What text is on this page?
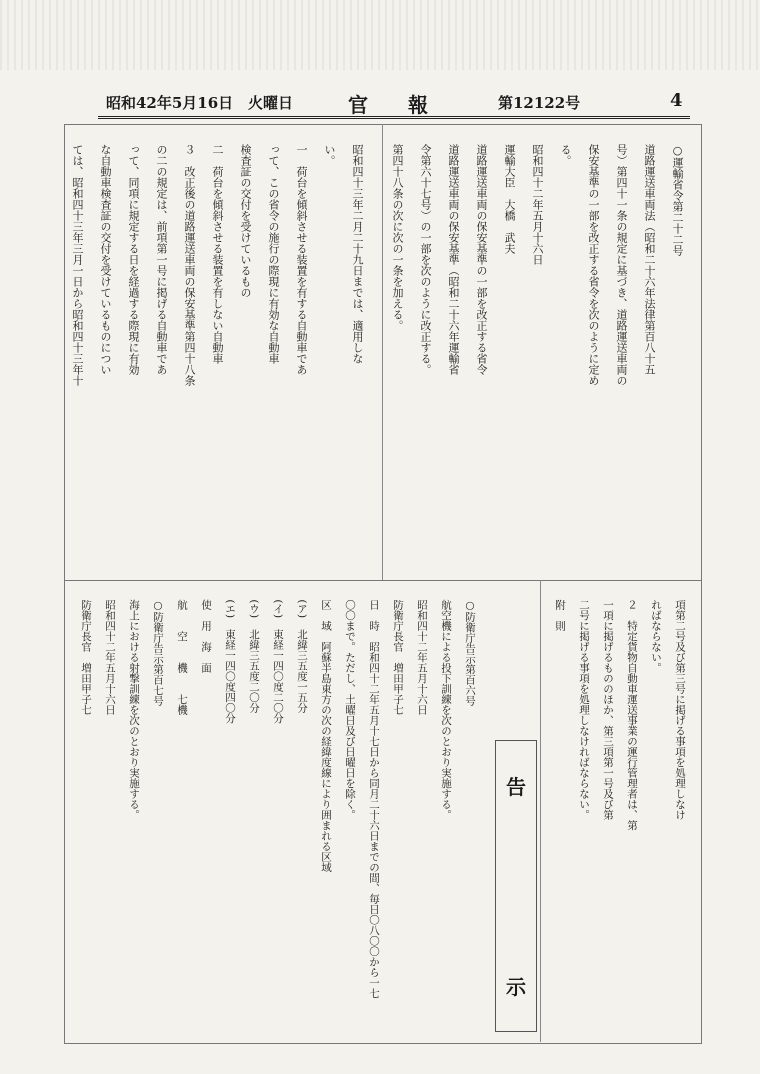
昭和42年5月16日 火曜日	官　　報	第12122号	4

○運輸省令第二十二号

道路運送車両法（昭和二十六年法律第百八十五

号）第四十一条の規定に基づき、道路運送車両の

保安基準の一部を改正する省令を次のように定め

る。

昭和四十二年五月十六日

運輸大臣　大橋　武夫

道路運送車両の保安基準の一部を改正する省令

道路運送車両の保安基準（昭和二十六年運輸省

令第六十七号）の一部を次のように改正する。

第四十八条の次に次の一条を加える。

昭和四十三年二月二十九日までは、適用しな

い。

一　荷台を傾斜させる装置を有する自動車であ

って、この省令の施行の際現に有効な自動車

検査証の交付を受けているもの

二　荷台を傾斜させる装置を有しない自動車

３　改正後の道路運送車両の保安基準第四十八条

の二の規定は、前項第一号に掲げる自動車であ

って、同項に規定する日を経過する際現に有効

な自動車検査証の交付を受けているものについ

ては、昭和四十三年三月一日から昭和四十三年十

○防衛庁告示第百六号

航空機による投下訓練を次のとおり実施する。

昭和四十二年五月十六日

防衛庁長官　増田甲子七

日　時　昭和四十二年五月十七日から同月二十六日までの間、毎日〇八〇〇から一七

〇〇まで。ただし、土曜日及び日曜日を除く。

区　域　阿蘇半島東方の次の経緯度線により囲まれる区域

(ア)　北緯三五度一五分

(イ)　東経一四〇度二〇分

(ウ)　北緯三五度二〇分

(エ)　東経一四〇度四〇分

使　用　海　面

航　　空　　機　　七機

○防衛庁告示第百七号

海上における射撃訓練を次のとおり実施する。

昭和四十二年五月十六日

防衛庁長官　増田甲子七

告
示

項第二号及び第三号に掲げる事項を処理しなけ

ればならない。

２　特定貨物自動車運送事業の運行管理者は、第

一項に掲げるもののほか、第三項第一号及び第

二号に掲げる事項を処理しなければならない。

附　則
